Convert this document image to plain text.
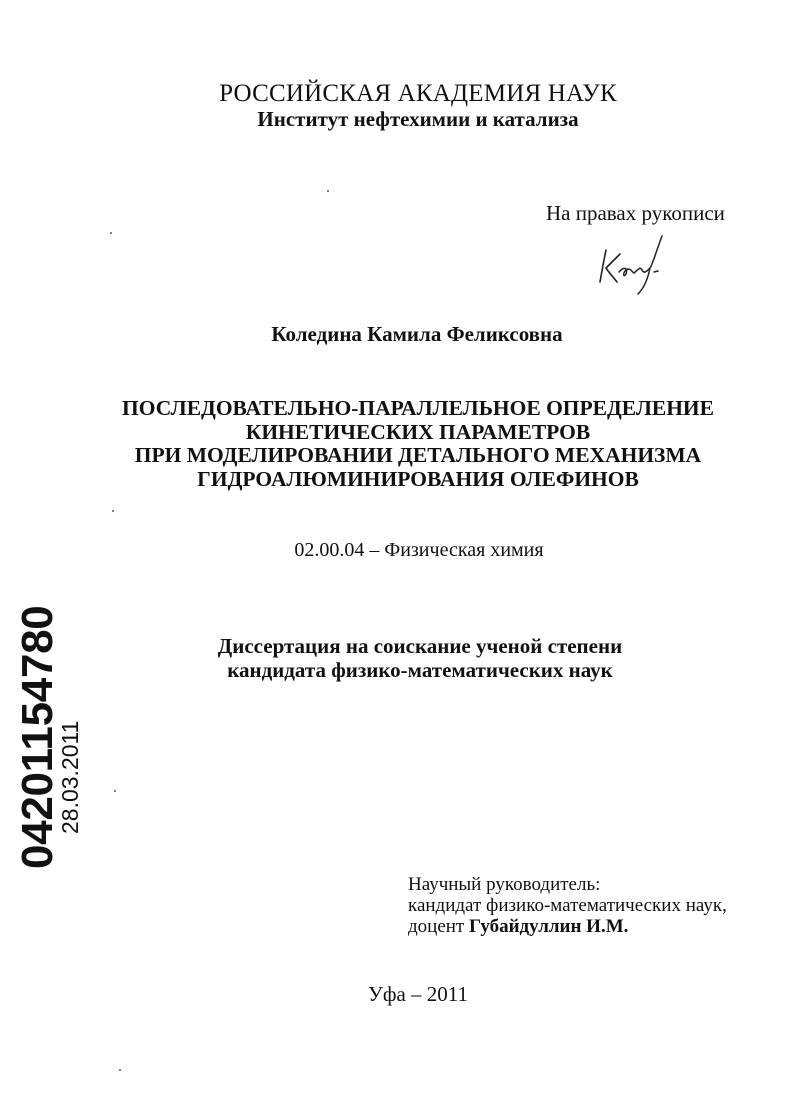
РОССИЙСКАЯ АКАДЕМИЯ НАУК
Институт нефтехимии и катализа
На правах рукописи
Коледина Камила Феликсовна
ПОСЛЕДОВАТЕЛЬНО-ПАРАЛЛЕЛЬНОЕ ОПРЕДЕЛЕНИЕ
КИНЕТИЧЕСКИХ ПАРАМЕТРОВ
ПРИ МОДЕЛИРОВАНИИ ДЕТАЛЬНОГО МЕХАНИЗМА
ГИДРОАЛЮМИНИРОВАНИЯ ОЛЕФИНОВ
02.00.04 – Физическая химия
Диссертация на соискание ученой степени
кандидата физико-математических наук
Научный руководитель:
кандидат физико-математических наук,
доцент Губайдуллин И.М.
Уфа – 2011
04201154780
28.03.2011
